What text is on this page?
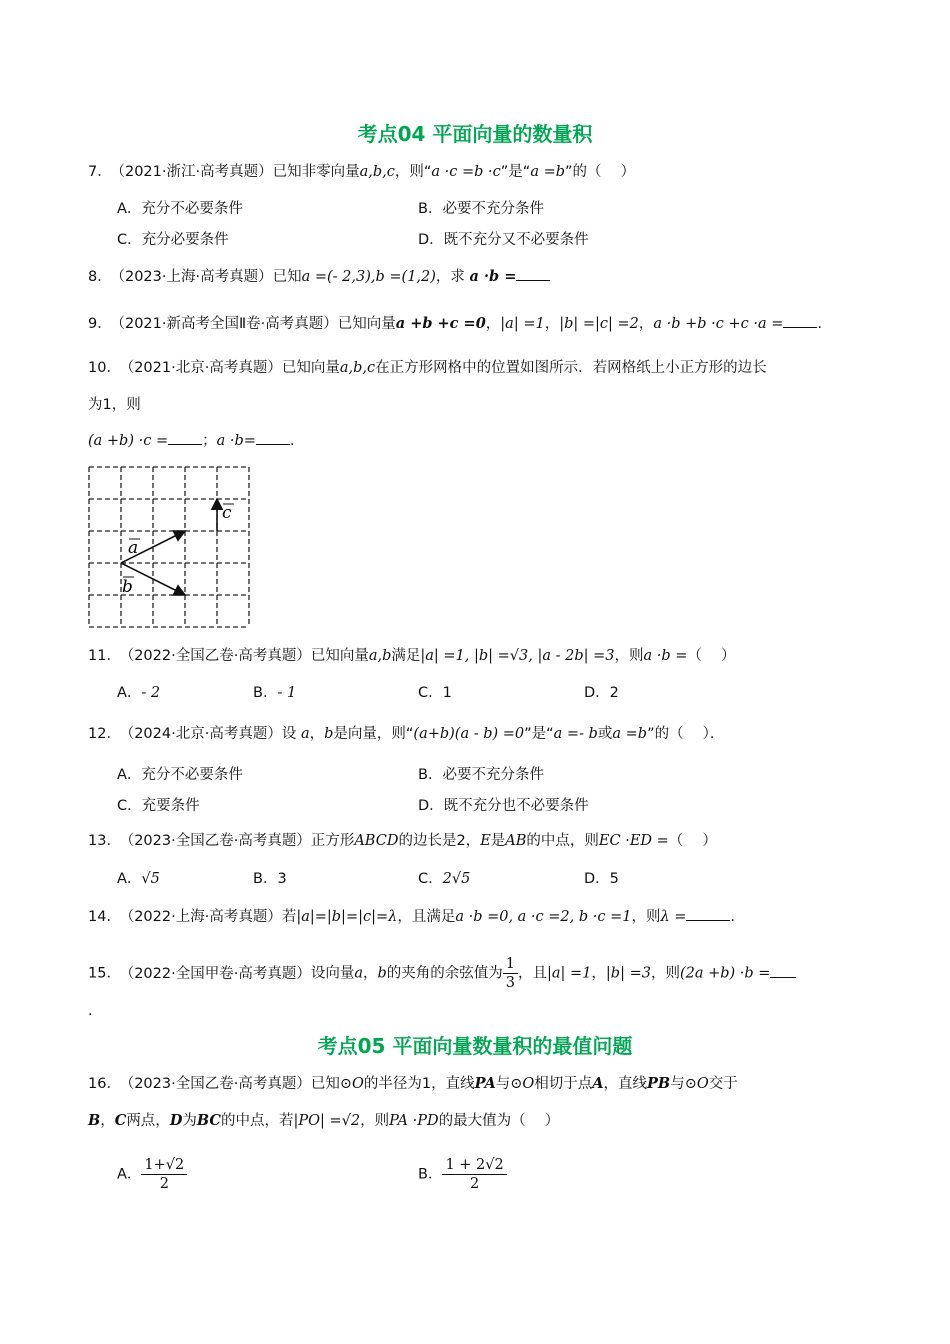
考点04 平面向量的数量积
7． （2021·浙江·高考真题）已知非零向量a,b,c，则“a ·c =b ·c”是“a =b”的（　 ）
A．充分不必要条件	B．必要不充分条件
C．充分必要条件	D．既不充分又不必要条件
8． （2023·上海·高考真题）已知a =(- 2,3),b =(1,2)，求 a ·b =
9． （2021·新高考全国Ⅱ卷·高考真题）已知向量a +b +c =0，|a| =1，|b| =|c| =2，a ·b +b ·c +c ·a = .
10． （2021·北京·高考真题）已知向量a,b,c在正方形网格中的位置如图所示．若网格纸上小正方形的边长
为1，则
(a +b) ·c = ；a ·b= .
a
b
c
11． （2022·全国乙卷·高考真题）已知向量a,b满足|a| =1, |b| =√3, |a - 2b| =3，则a ·b =（　 ）
A．- 2	B．- 1	C．1	D．2
12． （2024·北京·高考真题）设 a，b是向量，则“(a+b)(a - b) =0”是“a =- b或a =b”的（　 ）．
A．充分不必要条件	B．必要不充分条件
C．充要条件	D．既不充分也不必要条件
13． （2023·全国乙卷·高考真题）正方形ABCD的边长是2，E是AB的中点，则EC ·ED =（　 ）
A．√5	B．3	C．2√5	D．5
14． （2022·上海·高考真题）若|a|=|b|=|c|=λ，且满足a ·b =0, a ·c =2, b ·c =1，则λ =	.
15． （2022·全国甲卷·高考真题）设向量a，b的夹角的余弦值为 $\frac{1}{3}$ ，且|a| =1，|b| =3，则(2a +b) ·b =
.
考点05 平面向量数量积的最值问题
16． （2023·全国乙卷·高考真题）已知⊙O的半径为1，直线PA与⊙O相切于点A，直线PB与⊙O交于
B，C两点，D为BC的中点，若|PO| =√2，则PA ·PD的最大值为（　 ）
A． $\frac{1+√2}{2}$	B． $\frac{1 + 2√2}{2}$
